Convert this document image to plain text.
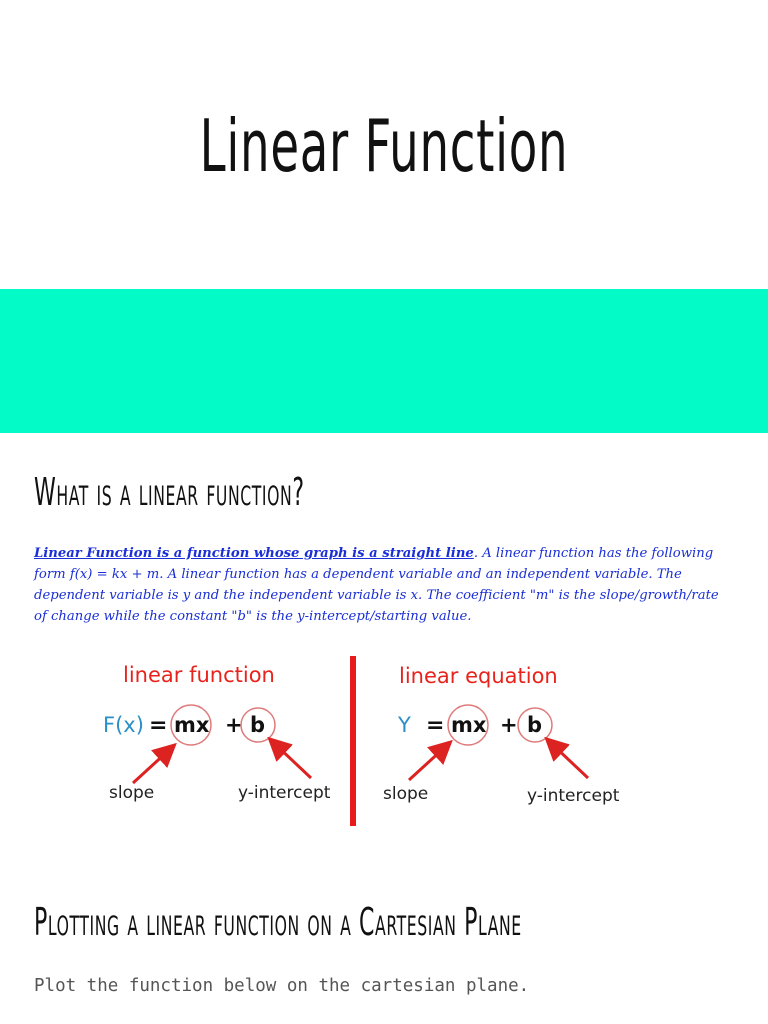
Linear Function
What is a linear function?
Linear Function is a function whose graph is a straight line. A linear function has the following form f(x) = kx + m. A linear function has a dependent variable and an independent variable. The dependent variable is y and the independent variable is x. The coefficient "m" is the slope/growth/rate of change while the constant "b" is the y-intercept/starting value.
linear function
F(x) = mx + b
slope	y-intercept
linear equation
Y = mx + b
slope	y-intercept
Plotting a linear function on a Cartesian Plane
Plot the function below on the cartesian plane.
